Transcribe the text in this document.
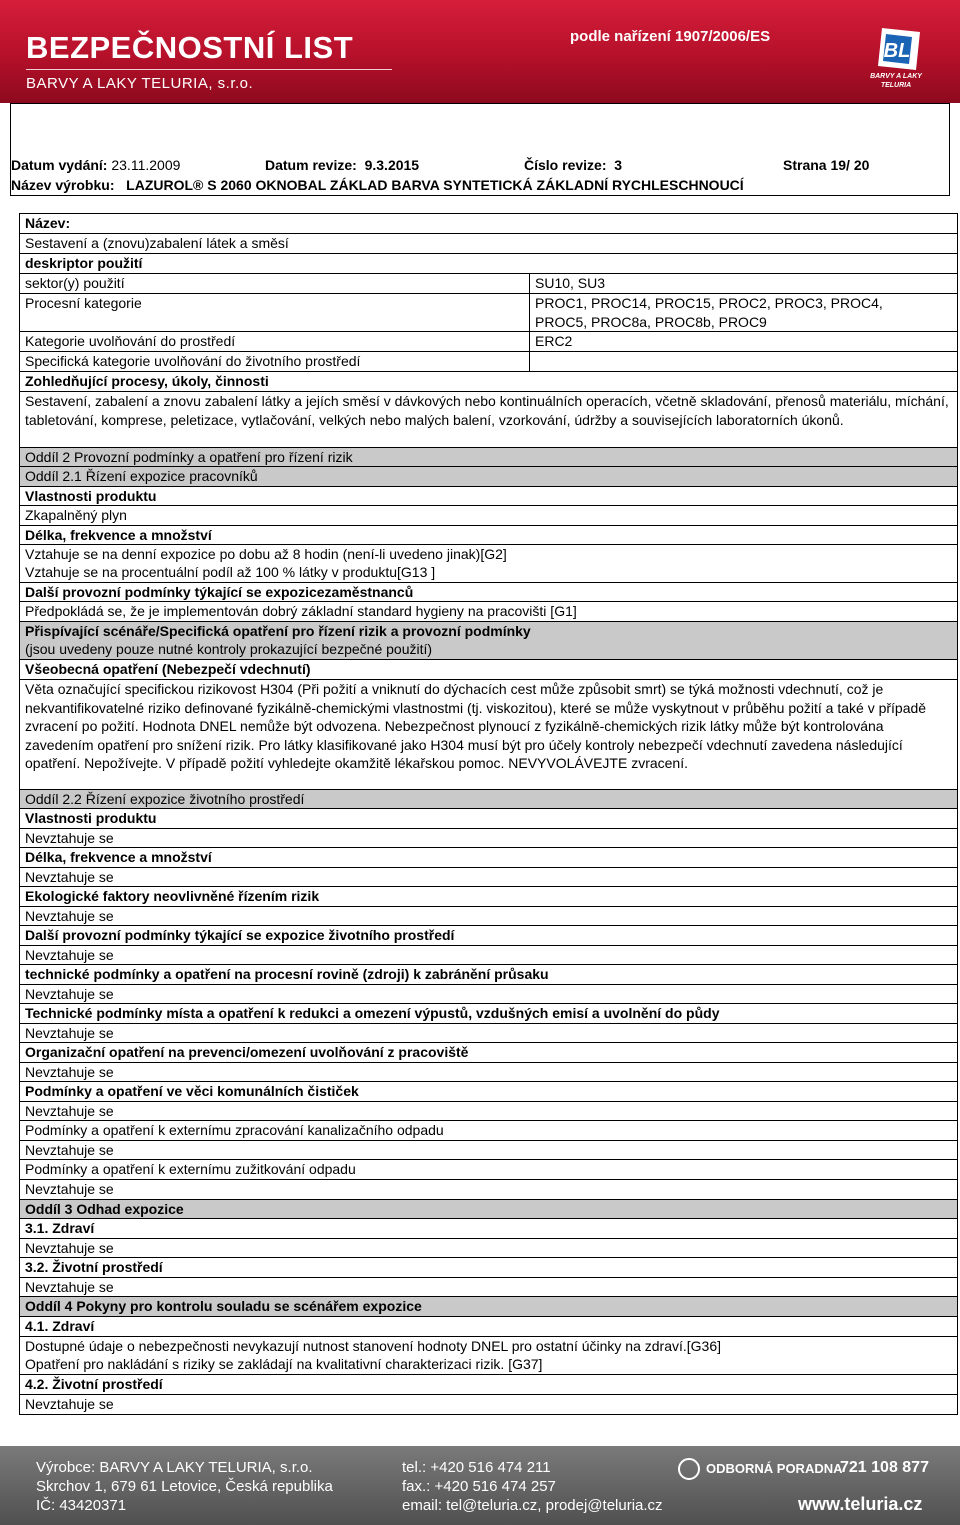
BEZPEČNOSTNÍ LIST
BARVY A LAKY TELURIA, s.r.o.
podle nařízení 1907/2006/ES
BL
BARVY A LAKY TELURIA
Datum vydání: 23.11.2009	Datum revize: 9.3.2015	Číslo revize: 3	Strana 19/ 20
Název výrobku: LAZUROL® S 2060 OKNOBAL ZÁKLAD BARVA SYNTETICKÁ ZÁKLADNÍ RYCHLESCHNOUCÍ
Název:
Sestavení a (znovu)zabalení látek a směsí
deskriptor použití
sektor(y) použití	SU10, SU3
Procesní kategorie	PROC1, PROC14, PROC15, PROC2, PROC3, PROC4,
PROC5, PROC8a, PROC8b, PROC9
Kategorie uvolňování do prostředí	ERC2
Specifická kategorie uvolňování do životního prostředí
Zohledňující procesy, úkoly, činnosti
Sestavení, zabalení a znovu zabalení látky a jejích směsí v dávkových nebo kontinuálních operacích, včetně skladování, přenosů materiálu, míchání, tabletování, komprese, peletizace, vytlačování, velkých nebo malých balení, vzorkování, údržby a souvisejících laboratorních úkonů.
Oddíl 2 Provozní podmínky a opatření pro řízení rizik
Oddíl 2.1 Řízení expozice pracovníků
Vlastnosti produktu
Zkapalněný plyn
Délka, frekvence a množství
Vztahuje se na denní expozice po dobu až 8 hodin (není-li uvedeno jinak)[G2]
Vztahuje se na procentuální podíl až 100 % látky v produktu[G13 ]
Další provozní podmínky týkající se expozicezaměstnanců
Předpokládá se, že je implementován dobrý základní standard hygieny na pracovišti [G1]
Přispívající scénáře/Specifická opatření pro řízení rizik a provozní podmínky
(jsou uvedeny pouze nutné kontroly prokazující bezpečné použití)
Všeobecná opatření (Nebezpečí vdechnutí)
Věta označující specifickou rizikovost H304 (Při požití a vniknutí do dýchacích cest může způsobit smrt) se týká možnosti vdechnutí, což je nekvantifikovatelné riziko definované fyzikálně-chemickými vlastnostmi (tj. viskozitou), které se může vyskytnout v průběhu požití a také v případě zvracení po požití. Hodnota DNEL nemůže být odvozena. Nebezpečnost plynoucí z fyzikálně-chemických rizik látky může být kontrolována zavedením opatření pro snížení rizik. Pro látky klasifikované jako H304 musí být pro účely kontroly nebezpečí vdechnutí zavedena následující opatření. Nepožívejte. V případě požití vyhledejte okamžitě lékařskou pomoc. NEVYVOLÁVEJTE zvracení.
Oddíl 2.2 Řízení expozice životního prostředí
Vlastnosti produktu
Nevztahuje se
Délka, frekvence a množství
Nevztahuje se
Ekologické faktory neovlivněné řízením rizik
Nevztahuje se
Další provozní podmínky týkající se expozice životního prostředí
Nevztahuje se
technické podmínky a opatření na procesní rovině (zdroji) k zabránění průsaku
Nevztahuje se
Technické podmínky místa a opatření k redukci a omezení výpustů, vzdušných emisí a uvolnění do půdy
Nevztahuje se
Organizační opatření na prevenci/omezení uvolňování z pracoviště
Nevztahuje se
Podmínky a opatření ve věci komunálních čističek
Nevztahuje se
Podmínky a opatření k externímu zpracování kanalizačního odpadu
Nevztahuje se
Podmínky a opatření k externímu zužitkování odpadu
Nevztahuje se
Oddíl 3 Odhad expozice
3.1. Zdraví
Nevztahuje se
3.2. Životní prostředí
Nevztahuje se
Oddíl 4 Pokyny pro kontrolu souladu se scénářem expozice
4.1. Zdraví
Dostupné údaje o nebezpečnosti nevykazují nutnost stanovení hodnoty DNEL pro ostatní účinky na zdraví.[G36]
Opatření pro nakládání s riziky se zakládají na kvalitativní charakterizaci rizik. [G37]
4.2. Životní prostředí
Nevztahuje se
Výrobce: BARVY A LAKY TELURIA, s.r.o.
Skrchov 1, 679 61 Letovice, Česká republika
IČ: 43420371
tel.: +420 516 474 211
fax.: +420 516 474 257
email: tel@teluria.cz, prodej@teluria.cz
ODBORNÁ PORADNA
721 108 877
www.teluria.cz
